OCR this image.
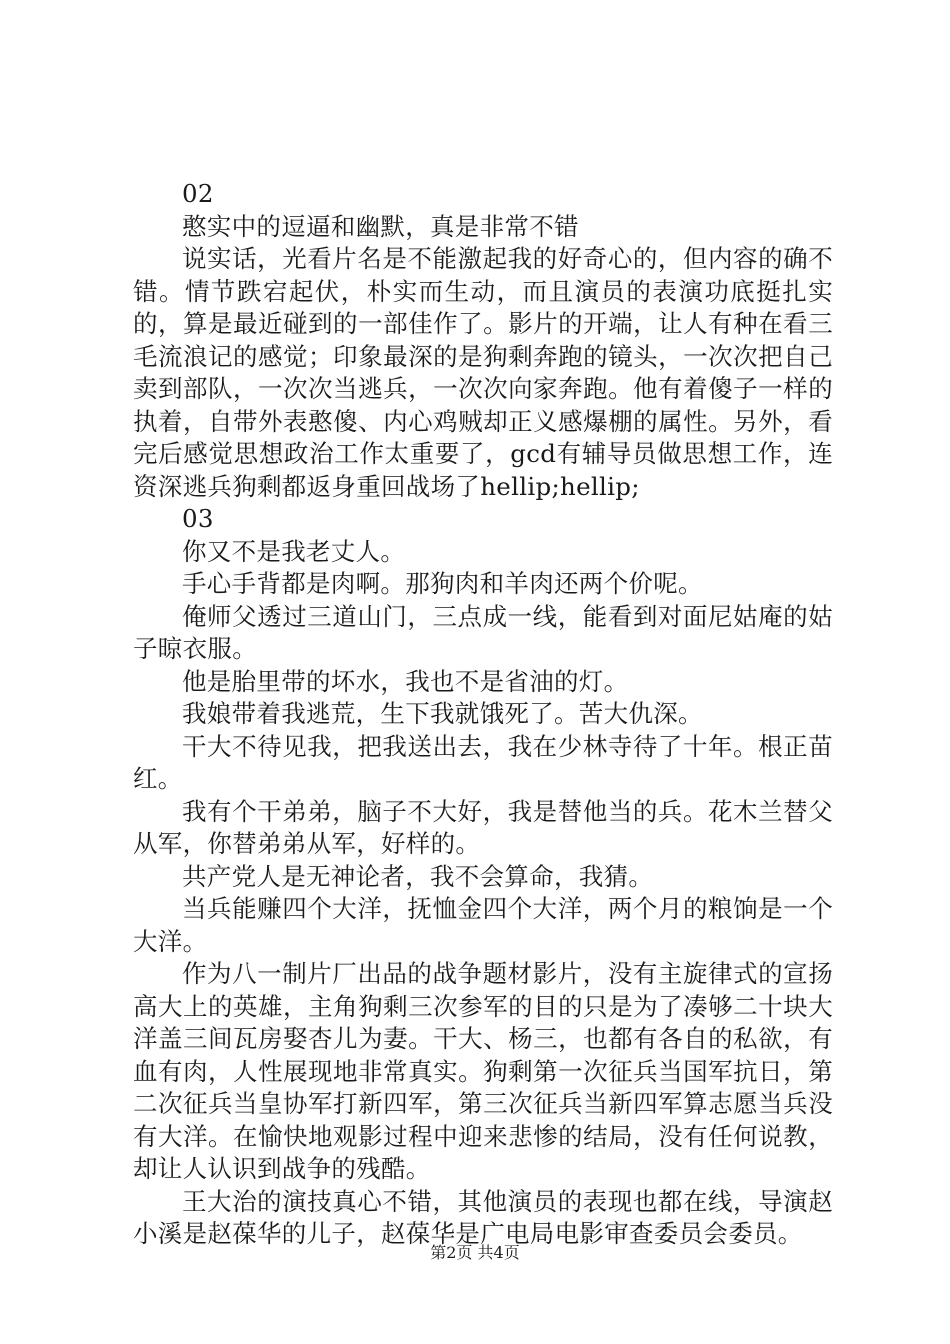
02

憨实中的逗逼和幽默，真是非常不错

说实话，光看片名是不能激起我的好奇心的，但内容的确不错。情节跌宕起伏，朴实而生动，而且演员的表演功底挺扎实的，算是最近碰到的一部佳作了。影片的开端，让人有种在看三毛流浪记的感觉；印象最深的是狗剩奔跑的镜头，一次次把自己卖到部队，一次次当逃兵，一次次向家奔跑。他有着傻子一样的执着，自带外表憨傻、内心鸡贼却正义感爆棚的属性。另外，看完后感觉思想政治工作太重要了，gcd有辅导员做思想工作，连资深逃兵狗剩都返身重回战场了hellip;hellip;

03

你又不是我老丈人。

手心手背都是肉啊。那狗肉和羊肉还两个价呢。

俺师父透过三道山门，三点成一线，能看到对面尼姑庵的姑子晾衣服。

他是胎里带的坏水，我也不是省油的灯。

我娘带着我逃荒，生下我就饿死了。苦大仇深。

干大不待见我，把我送出去，我在少林寺待了十年。根正苗红。

我有个干弟弟，脑子不大好，我是替他当的兵。花木兰替父从军，你替弟弟从军，好样的。

共产党人是无神论者，我不会算命，我猜。

当兵能赚四个大洋，抚恤金四个大洋，两个月的粮饷是一个大洋。

作为八一制片厂出品的战争题材影片，没有主旋律式的宣扬高大上的英雄，主角狗剩三次参军的目的只是为了凑够二十块大洋盖三间瓦房娶杏儿为妻。干大、杨三，也都有各自的私欲，有血有肉，人性展现地非常真实。狗剩第一次征兵当国军抗日，第二次征兵当皇协军打新四军，第三次征兵当新四军算志愿当兵没有大洋。在愉快地观影过程中迎来悲惨的结局，没有任何说教，却让人认识到战争的残酷。

王大治的演技真心不错，其他演员的表现也都在线，导演赵小溪是赵葆华的儿子，赵葆华是广电局电影审查委员会委员。

第2页 共4页
